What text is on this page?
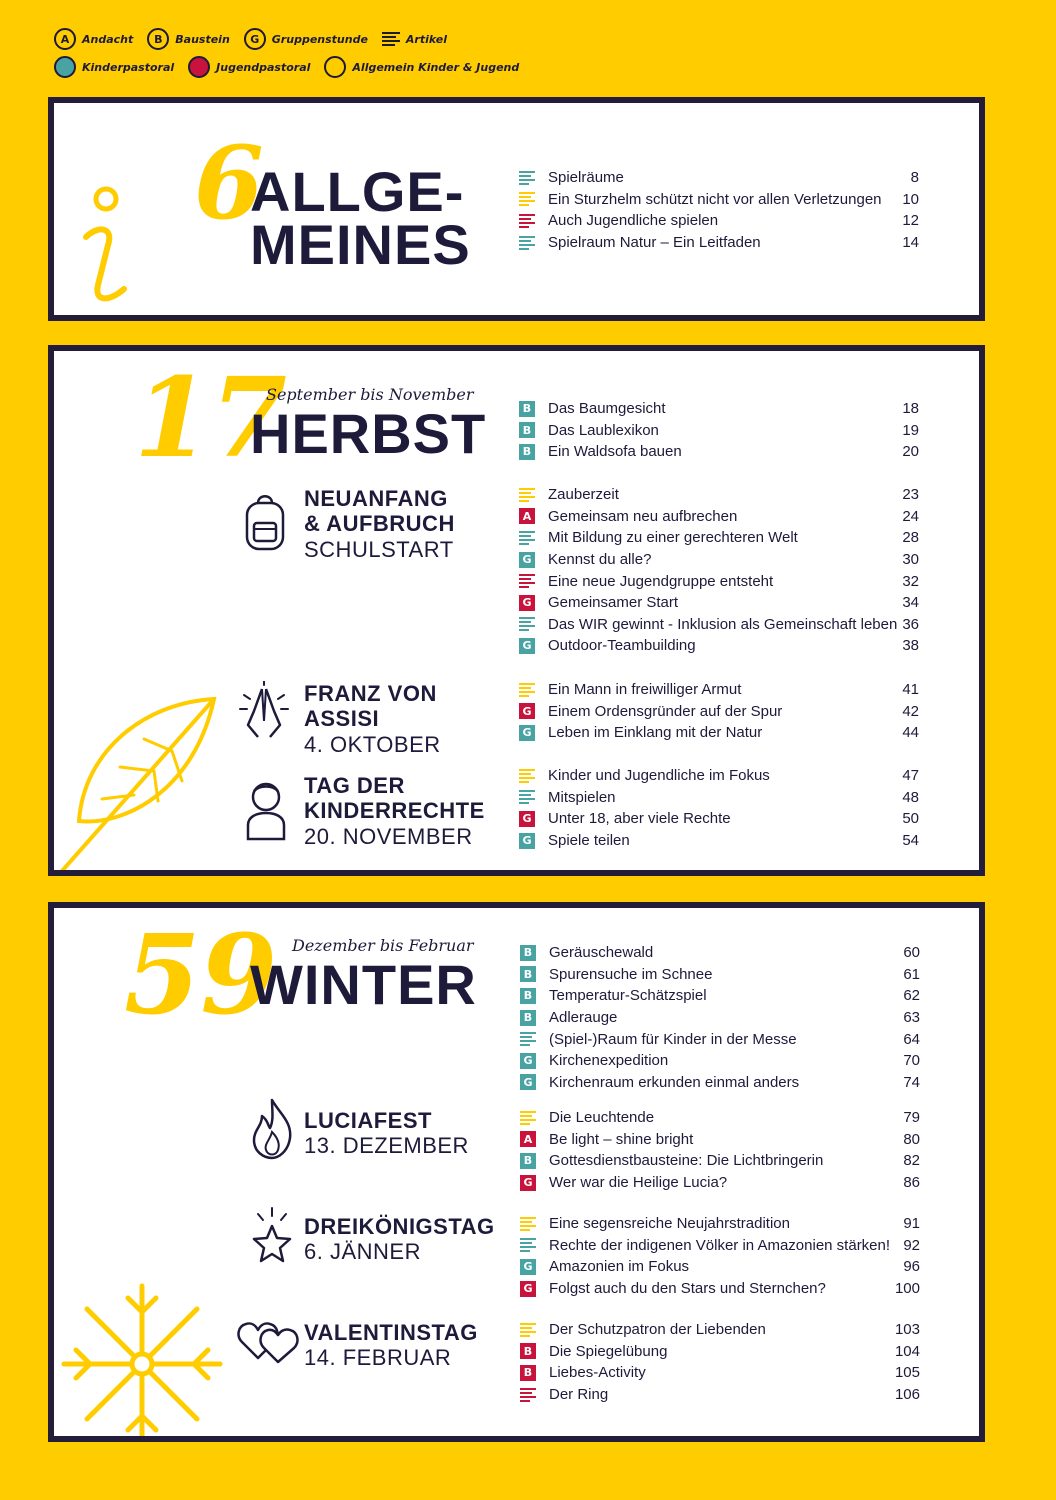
A	Andacht	B	Baustein	G	Gruppenstunde	Artikel
Kinderpastoral	Jugendpastoral	Allgemein Kinder & Jugend
6
ALLGE-
MEINES
Spielräume	8
Ein Sturzhelm schützt nicht vor allen Verletzungen	10
Auch Jugendliche spielen	12
Spielraum Natur – Ein Leitfaden	14
17
September bis November
HERBST	B Das Baumgesicht	18
B Das Laublexikon	19
B Ein Waldsofa bauen	20
NEUANFANG
& AUFBRUCH
SCHULSTART
Zauberzeit	23
A Gemeinsam neu aufbrechen	24
Mit Bildung zu einer gerechteren Welt	28
G Kennst du alle?	30
Eine neue Jugendgruppe entsteht	32
G Gemeinsamer Start	34
Das WIR gewinnt - Inklusion als Gemeinschaft leben 36
G Outdoor-Teambuilding	38
FRANZ VON
ASSISI
4. OKTOBER
Ein Mann in freiwilliger Armut	41
G Einem Ordensgründer auf der Spur	42
G Leben im Einklang mit der Natur	44
TAG DER
KINDERRECHTE
20. NOVEMBER
Kinder und Jugendliche im Fokus	47
Mitspielen	48
G Unter 18, aber viele Rechte	50
G Spiele teilen	54
59 Dezember bis Februar
WINTER
B Geräuschewald	60
B Spurensuche im Schnee	61
B Temperatur-Schätzspiel	62
B Adlerauge	63
(Spiel-)Raum für Kinder in der Messe	64
G Kirchenexpedition	70
G Kirchenraum erkunden einmal anders	74
LUCIAFEST
13. DEZEMBER
Die Leuchtende	79
A Be light – shine bright	80
B Gottesdienstbausteine: Die Lichtbringerin	82
G Wer war die Heilige Lucia?	86
DREIKÖNIGSTAG
6. JÄNNER
Eine segensreiche Neujahrstradition	91
Rechte der indigenen Völker in Amazonien stärken! 92
G Amazonien im Fokus	96
G Folgst auch du den Stars und Sternchen?	100
VALENTINSTAG
14. FEBRUAR
Der Schutzpatron der Liebenden	103
B Die Spiegelübung	104
B Liebes-Activity	105
Der Ring	106
